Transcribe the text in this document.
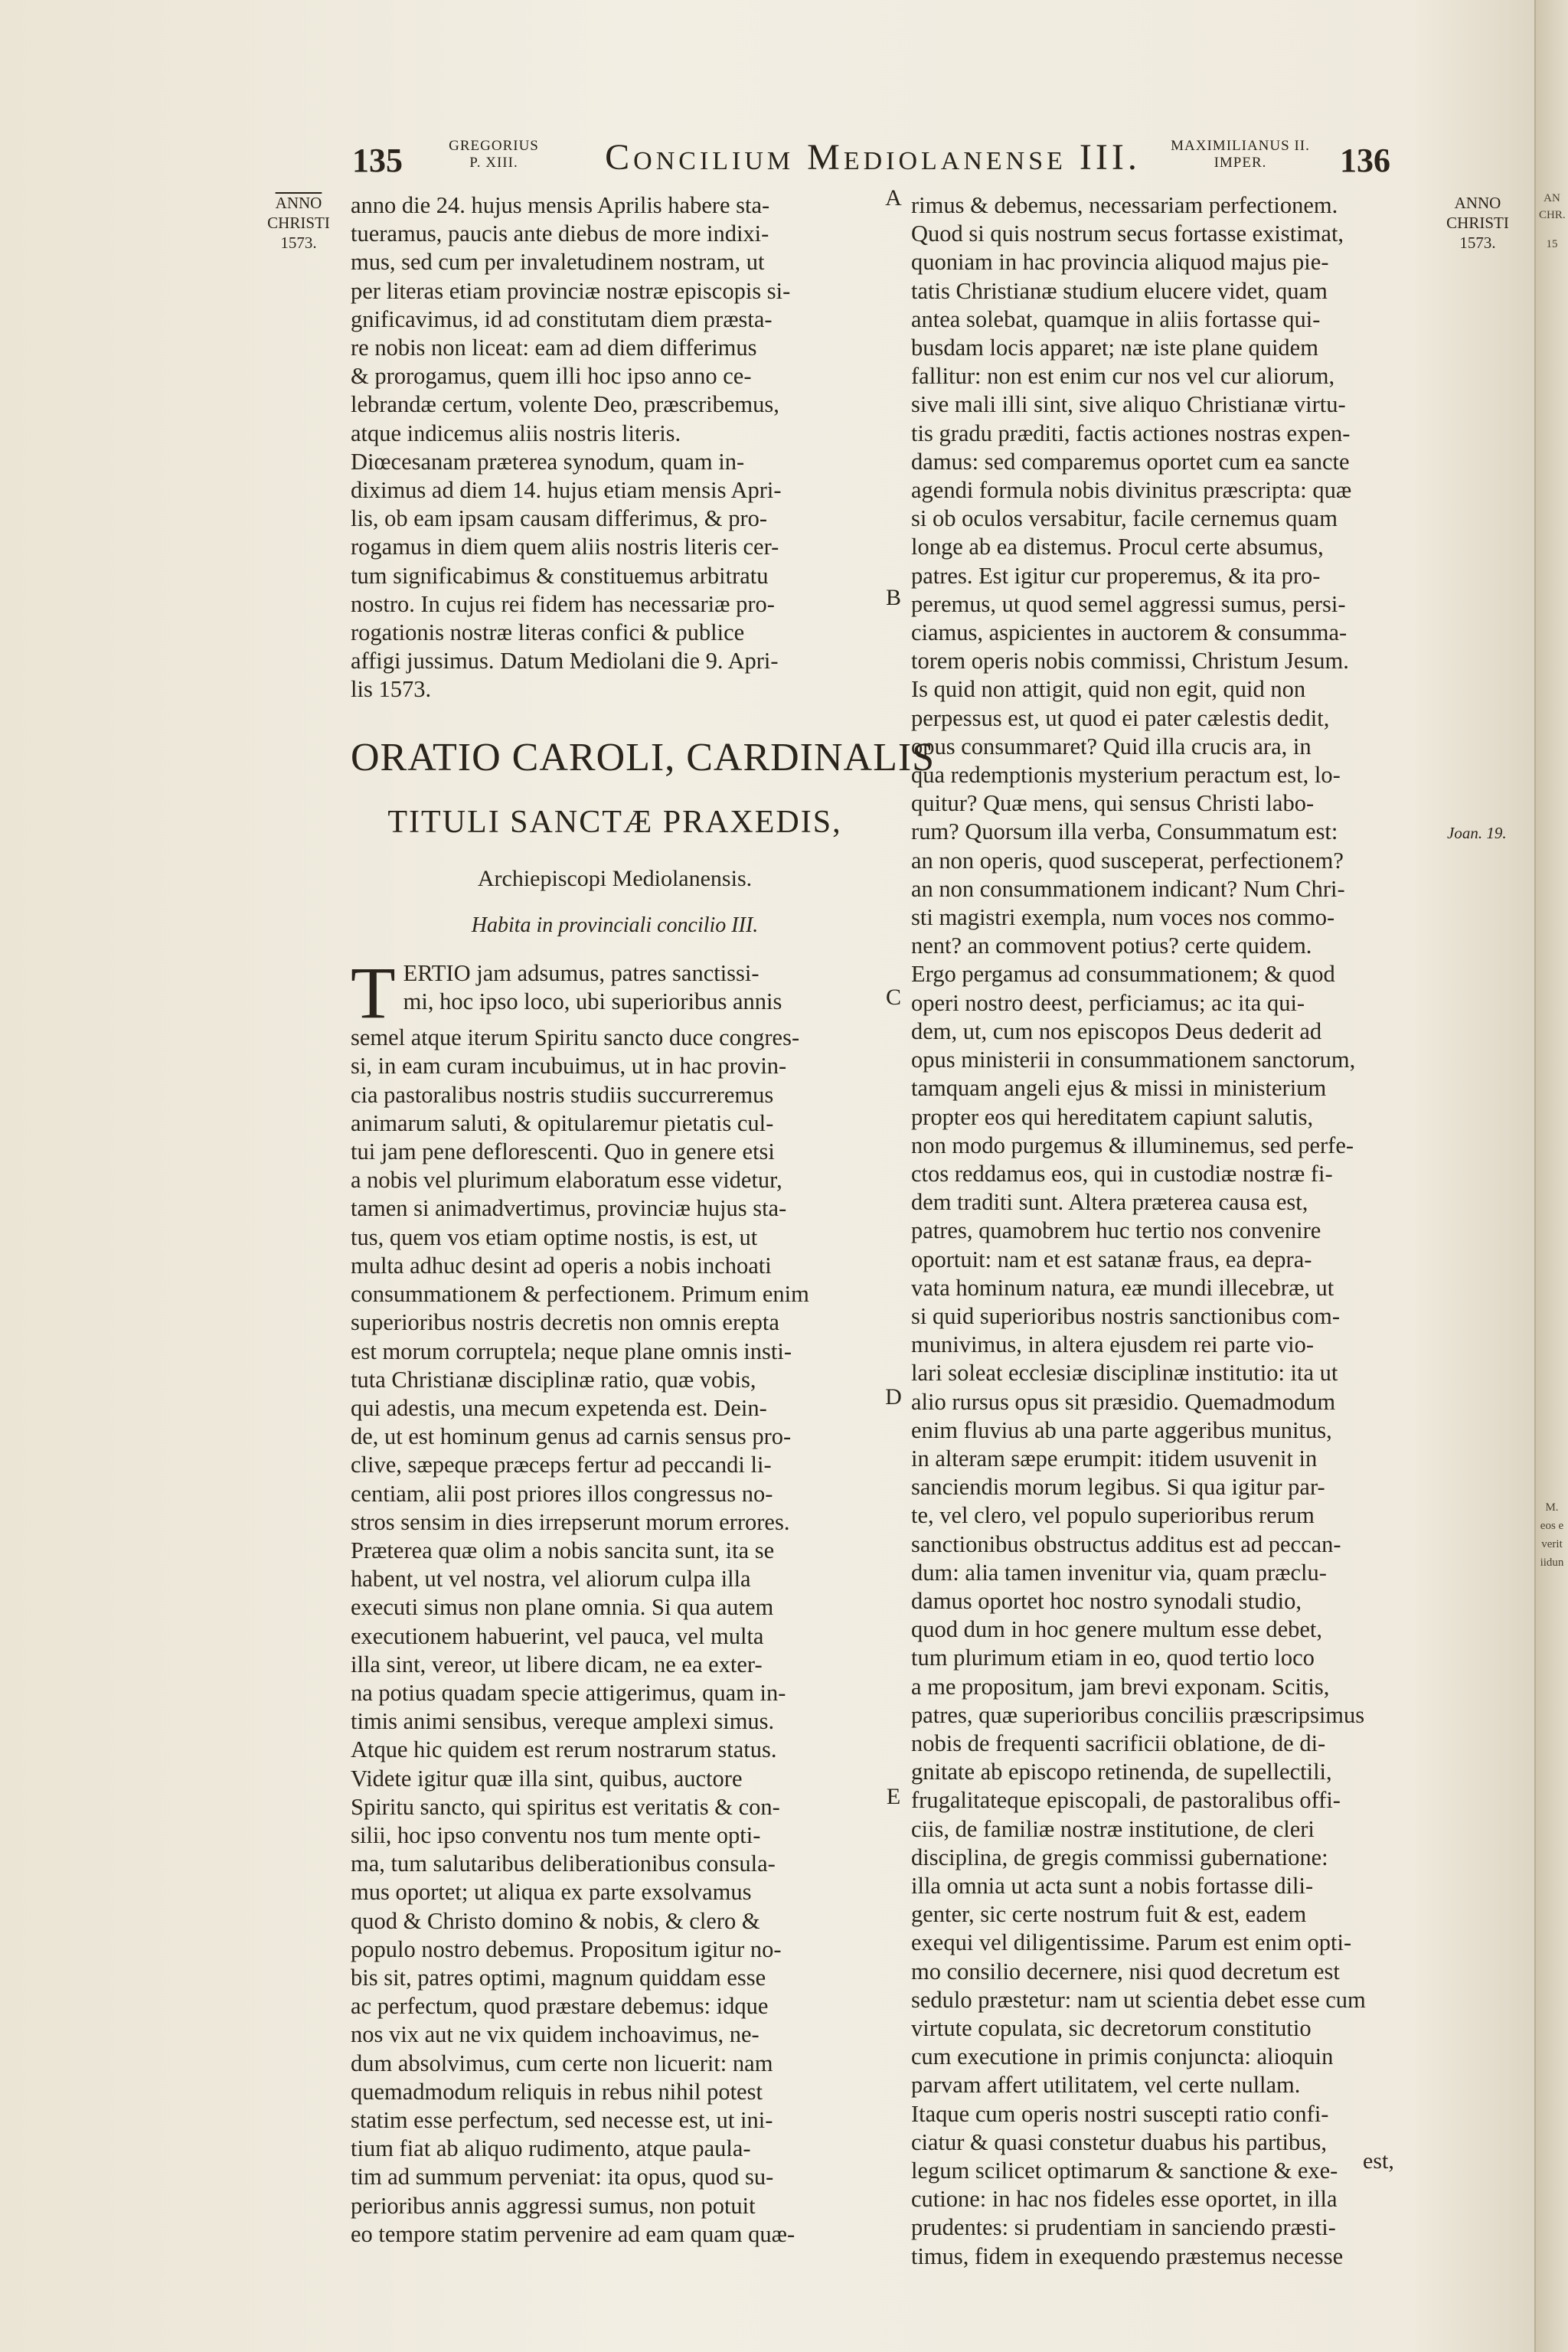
135	GREGORIUS
P. XIII.	Concilium Mediolanense III.	MAXIMILIANUS II.
IMPER.	136
ANNO
CHRISTI
1573.
ANNO
CHRISTI
1573.
anno die 24. hujus mensis Aprilis habere sta-
tueramus, paucis ante diebus de more indixi-
mus, sed cum per invaletudinem nostram, ut
per literas etiam provinciæ nostræ episcopis si-
gnificavimus, id ad constitutam diem præsta-
re nobis non liceat: eam ad diem differimus
& prorogamus, quem illi hoc ipso anno ce-
lebrandæ certum, volente Deo, præscribemus,
atque indicemus aliis nostris literis.
Diœcesanam præterea synodum, quam in-
diximus ad diem 14. hujus etiam mensis Apri-
lis, ob eam ipsam causam differimus, & pro-
rogamus in diem quem aliis nostris literis cer-
tum significabimus & constituemus arbitratu
nostro. In cujus rei fidem has necessariæ pro-
rogationis nostræ literas confici & publice
affigi jussimus. Datum Mediolani die 9. Apri-
lis 1573.
ORATIO CAROLI, CARDINALIS
TITULI SANCTÆ PRAXEDIS,
Archiepiscopi Mediolanensis.
Habita in provinciali concilio III.
T ERTIO jam adsumus, patres sanctissi-
mi, hoc ipso loco, ubi superioribus annis
semel atque iterum Spiritu sancto duce congres-
si, in eam curam incubuimus, ut in hac provin-
cia pastoralibus nostris studiis succurreremus
animarum saluti, & opitularemur pietatis cul-
tui jam pene deflorescenti. Quo in genere etsi
a nobis vel plurimum elaboratum esse videtur,
tamen si animadvertimus, provinciæ hujus sta-
tus, quem vos etiam optime nostis, is est, ut
multa adhuc desint ad operis a nobis inchoati
consummationem & perfectionem. Primum enim
superioribus nostris decretis non omnis erepta
est morum corruptela; neque plane omnis insti-
tuta Christianæ disciplinæ ratio, quæ vobis,
qui adestis, una mecum expetenda est. Dein-
de, ut est hominum genus ad carnis sensus pro-
clive, sæpeque præceps fertur ad peccandi li-
centiam, alii post priores illos congressus no-
stros sensim in dies irrepserunt morum errores.
Præterea quæ olim a nobis sancita sunt, ita se
habent, ut vel nostra, vel aliorum culpa illa
executi simus non plane omnia. Si qua autem
executionem habuerint, vel pauca, vel multa
illa sint, vereor, ut libere dicam, ne ea exter-
na potius quadam specie attigerimus, quam in-
timis animi sensibus, vereque amplexi simus.
Atque hic quidem est rerum nostrarum status.
Videte igitur quæ illa sint, quibus, auctore
Spiritu sancto, qui spiritus est veritatis & con-
silii, hoc ipso conventu nos tum mente opti-
ma, tum salutaribus deliberationibus consula-
mus oportet; ut aliqua ex parte exsolvamus
quod & Christo domino & nobis, & clero &
populo nostro debemus. Propositum igitur no-
bis sit, patres optimi, magnum quiddam esse
ac perfectum, quod præstare debemus: idque
nos vix aut ne vix quidem inchoavimus, ne-
dum absolvimus, cum certe non licuerit: nam
quemadmodum reliquis in rebus nihil potest
statim esse perfectum, sed necesse est, ut ini-
tium fiat ab aliquo rudimento, atque paula-
tim ad summum perveniat: ita opus, quod su-
perioribus annis aggressi sumus, non potuit
eo tempore statim pervenire ad eam quam quæ-
rimus & debemus, necessariam perfectionem.
Quod si quis nostrum secus fortasse existimat,
quoniam in hac provincia aliquod majus pie-
tatis Christianæ studium elucere videt, quam
antea solebat, quamque in aliis fortasse qui-
busdam locis apparet; næ iste plane quidem
fallitur: non est enim cur nos vel cur aliorum,
sive mali illi sint, sive aliquo Christianæ virtu-
tis gradu præditi, factis actiones nostras expen-
damus: sed comparemus oportet cum ea sancte
agendi formula nobis divinitus præscripta: quæ
si ob oculos versabitur, facile cernemus quam
longe ab ea distemus. Procul certe absumus,
patres. Est igitur cur properemus, & ita pro-
peremus, ut quod semel aggressi sumus, persi-
ciamus, aspicientes in auctorem & consumma-
torem operis nobis commissi, Christum Jesum.
Is quid non attigit, quid non egit, quid non
perpessus est, ut quod ei pater cælestis dedit,
opus consummaret? Quid illa crucis ara, in
qua redemptionis mysterium peractum est, lo-
quitur? Quæ mens, qui sensus Christi labo-
rum? Quorsum illa verba, Consummatum est:
an non operis, quod susceperat, perfectionem?
an non consummationem indicant? Num Chri-
sti magistri exempla, num voces nos commo-
nent? an commovent potius? certe quidem.
Ergo pergamus ad consummationem; & quod
operi nostro deest, perficiamus; ac ita qui-
dem, ut, cum nos episcopos Deus dederit ad
opus ministerii in consummationem sanctorum,
tamquam angeli ejus & missi in ministerium
propter eos qui hereditatem capiunt salutis,
non modo purgemus & illuminemus, sed perfe-
ctos reddamus eos, qui in custodiæ nostræ fi-
dem traditi sunt. Altera præterea causa est,
patres, quamobrem huc tertio nos convenire
oportuit: nam et est satanæ fraus, ea depra-
vata hominum natura, eæ mundi illecebræ, ut
si quid superioribus nostris sanctionibus com-
munivimus, in altera ejusdem rei parte vio-
lari soleat ecclesiæ disciplinæ institutio: ita ut
alio rursus opus sit præsidio. Quemadmodum
enim fluvius ab una parte aggeribus munitus,
in alteram sæpe erumpit: itidem usuvenit in
sanciendis morum legibus. Si qua igitur par-
te, vel clero, vel populo superioribus rerum
sanctionibus obstructus additus est ad peccan-
dum: alia tamen invenitur via, quam præclu-
damus oportet hoc nostro synodali studio,
quod dum in hoc genere multum esse debet,
tum plurimum etiam in eo, quod tertio loco
a me propositum, jam brevi exponam. Scitis,
patres, quæ superioribus conciliis præscripsimus
nobis de frequenti sacrificii oblatione, de di-
gnitate ab episcopo retinenda, de supellectili,
frugalitateque episcopali, de pastoralibus offi-
ciis, de familiæ nostræ institutione, de cleri
disciplina, de gregis commissi gubernatione:
illa omnia ut acta sunt a nobis fortasse dili-
genter, sic certe nostrum fuit & est, eadem
exequi vel diligentissime. Parum est enim opti-
mo consilio decernere, nisi quod decretum est
sedulo præstetur: nam ut scientia debet esse cum
virtute copulata, sic decretorum constitutio
cum executione in primis conjuncta: alioquin
parvam affert utilitatem, vel certe nullam.
Itaque cum operis nostri suscepti ratio confi-
ciatur & quasi constetur duabus his partibus,
legum scilicet optimarum & sanctione & exe-
cutione: in hac nos fideles esse oportet, in illa
prudentes: si prudentiam in sanciendo præsti-
timus, fidem in exequendo præstemus necesse
A
B
C
D
E
Joan. 19.
est,
AN
CHR.
15
M.
eos e
verit
iidun
